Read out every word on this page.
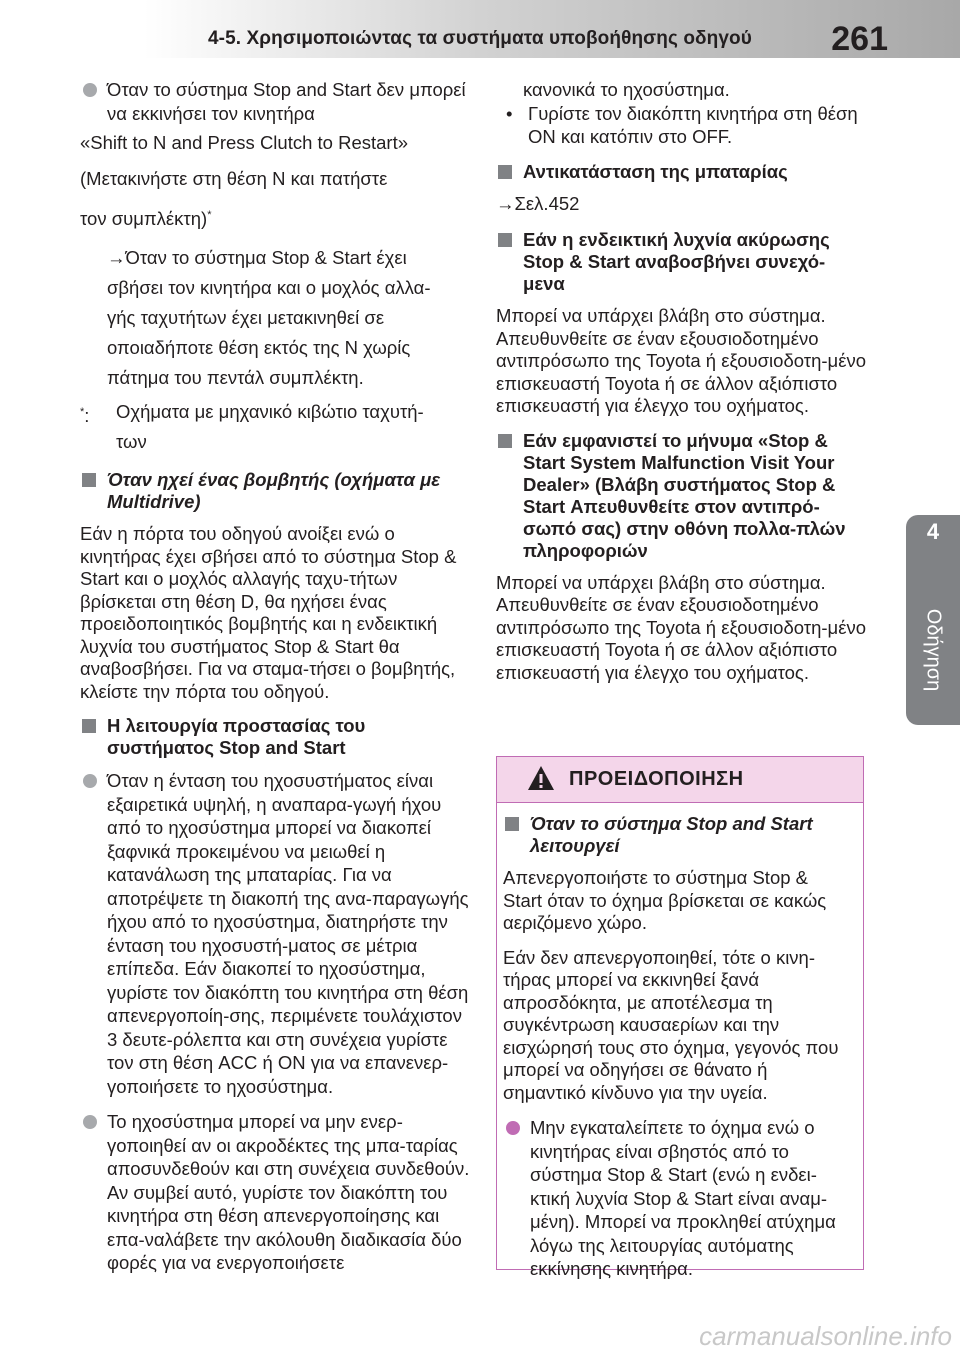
4-5. Χρησιμοποιώντας τα συστήματα υποβοήθησης οδηγού 261
4
Οδήγηση
Όταν το σύστημα Stop and Start δεν μπορεί να εκκινήσει τον κινητήρα
«Shift to N and Press Clutch to Restart»
(Μετακινήστε στη θέση N και πατήστε
τον συμπλέκτη)*
→Όταν το σύστημα Stop & Start έχει
σβήσει τον κινητήρα και ο μοχλός αλλα-
γής ταχυτήτων έχει μετακινηθεί σε
οποιαδήποτε θέση εκτός της N χωρίς
πάτημα του πεντάλ συμπλέκτη.
*: Οχήματα με μηχανικό κιβώτιο ταχυτή-
των
Όταν ηχεί ένας βομβητής (οχήματα με Multidrive)
Εάν η πόρτα του οδηγού ανοίξει ενώ ο κινητήρας έχει σβήσει από το σύστημα Stop & Start και ο μοχλός αλλαγής ταχυ-τήτων βρίσκεται στη θέση D, θα ηχήσει ένας προειδοποιητικός βομβητής και η ενδεικτική λυχνία του συστήματος Stop & Start θα αναβοσβήσει. Για να σταμα-τήσει ο βομβητής, κλείστε την πόρτα του οδηγού.
Η λειτουργία προστασίας του συστήματος Stop and Start
Όταν η ένταση του ηχοσυστήματος είναι εξαιρετικά υψηλή, η αναπαρα-γωγή ήχου από το ηχοσύστημα μπορεί να διακοπεί ξαφνικά προκειμένου να μειωθεί η κατανάλωση της μπαταρίας. Για να αποτρέψετε τη διακοπή της ανα-παραγωγής ήχου από το ηχοσύστημα, διατηρήστε την ένταση του ηχοσυστή-ματος σε μέτρια επίπεδα. Εάν διακοπεί το ηχοσύστημα, γυρίστε τον διακόπτη του κινητήρα στη θέση απενεργοποίη-σης, περιμένετε τουλάχιστον 3 δευτε-ρόλεπτα και στη συνέχεια γυρίστε τον στη θέση ACC ή ON για να επανενερ-γοποιήσετε το ηχοσύστημα.
Το ηχοσύστημα μπορεί να μην ενερ-γοποιηθεί αν οι ακροδέκτες της μπα-ταρίας αποσυνδεθούν και στη συνέχεια συνδεθούν. Αν συμβεί αυτό, γυρίστε τον διακόπτη του κινητήρα στη θέση απενεργοποίησης και επα-ναλάβετε την ακόλουθη διαδικασία δύο φορές για να ενεργοποιήσετε
κανονικά το ηχοσύστημα.
• Γυρίστε τον διακόπτη κινητήρα στη θέση ON και κατόπιν στο OFF.
Αντικατάσταση της μπαταρίας
→Σελ.452
Εάν η ενδεικτική λυχνία ακύρωσης Stop & Start αναβοσβήνει συνεχό-μενα
Μπορεί να υπάρχει βλάβη στο σύστημα. Απευθυνθείτε σε έναν εξουσιοδοτημένο αντιπρόσωπο της Toyota ή εξουσιοδοτη-μένο επισκευαστή Toyota ή σε άλλον αξιόπιστο επισκευαστή για έλεγχο του οχήματος.
Εάν εμφανιστεί το μήνυμα «Stop & Start System Malfunction Visit Your Dealer» (Βλάβη συστήματος Stop & Start Απευθυνθείτε στον αντιπρό-σωπό σας) στην οθόνη πολλα-πλών πληροφοριών
Μπορεί να υπάρχει βλάβη στο σύστημα. Απευθυνθείτε σε έναν εξουσιοδοτημένο αντιπρόσωπο της Toyota ή εξουσιοδοτη-μένο επισκευαστή Toyota ή σε άλλον αξιόπιστο επισκευαστή για έλεγχο του οχήματος.
ΠΡΟΕΙΔΟΠΟΙΗΣΗ
Όταν το σύστημα Stop and Start λειτουργεί
Απενεργοποιήστε το σύστημα Stop & Start όταν το όχημα βρίσκεται σε κακώς αεριζόμενο χώρο.
Εάν δεν απενεργοποιηθεί, τότε ο κινη-τήρας μπορεί να εκκινηθεί ξανά απροσδόκητα, με αποτέλεσμα τη συγκέντρωση καυσαερίων και την εισχώρησή τους στο όχημα, γεγονός που μπορεί να οδηγήσει σε θάνατο ή σημαντικό κίνδυνο για την υγεία.
Μην εγκαταλείπετε το όχημα ενώ ο κινητήρας είναι σβηστός από το σύστημα Stop & Start (ενώ η ενδει-κτική λυχνία Stop & Start είναι αναμ-μένη). Μπορεί να προκληθεί ατύχημα λόγω της λειτουργίας αυτόματης εκκίνησης κινητήρα.
carmanualsonline.info
